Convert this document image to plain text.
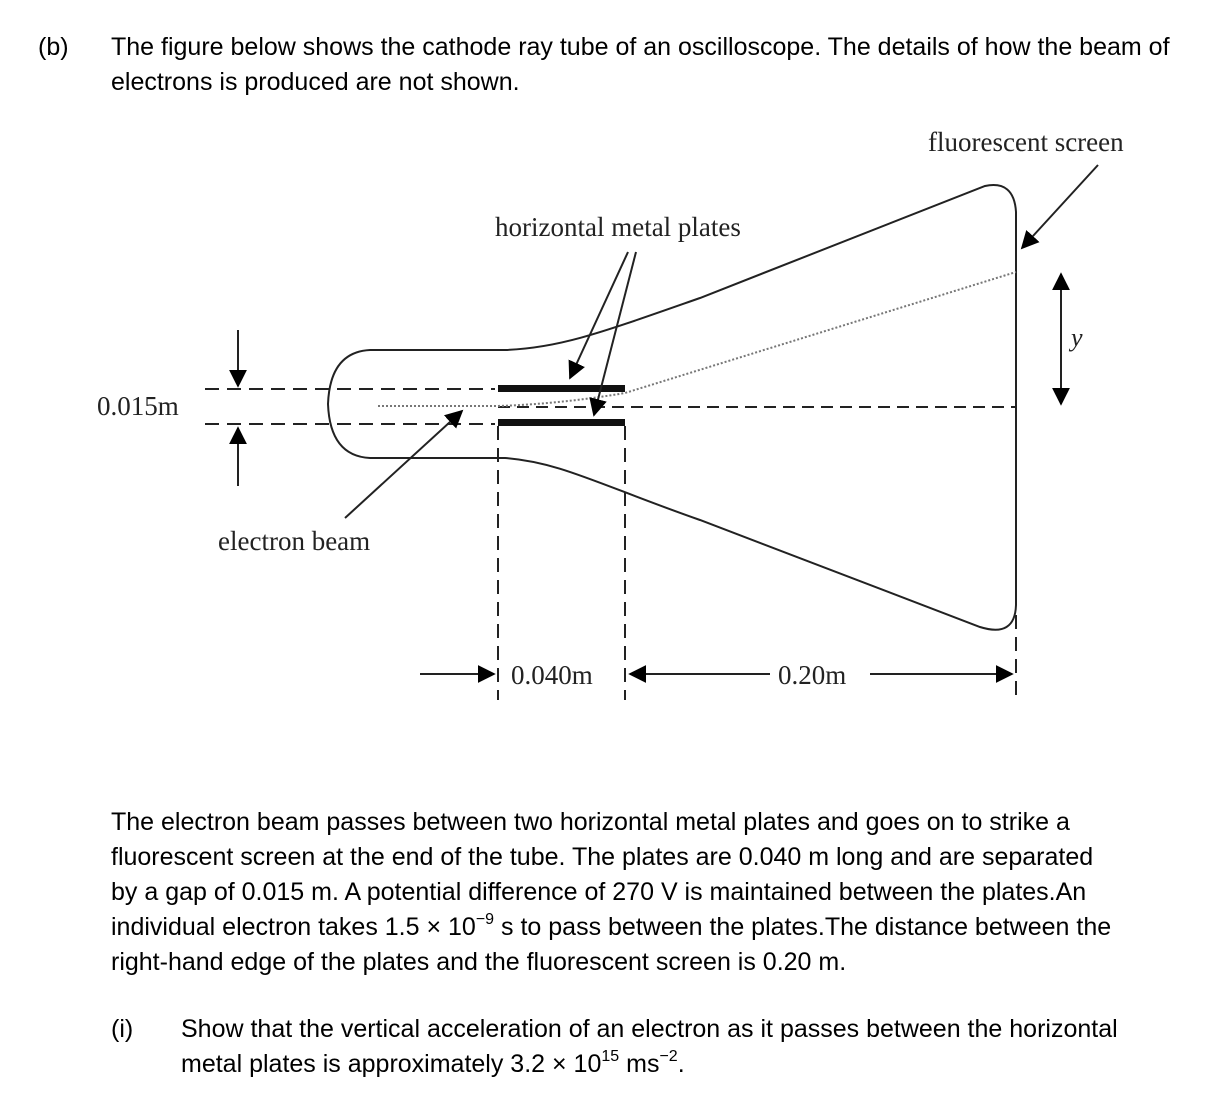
(b) The figure below shows the cathode ray tube of an oscilloscope. The details of how the beam of electrons is produced are not shown.
fluorescent screen
horizontal metal plates
0.015m
electron beam
0.040m	0.20m
y
The electron beam passes between two horizontal metal plates and goes on to strike a
fluorescent screen at the end of the tube. The plates are 0.040 m long and are separated
by a gap of 0.015 m. A potential difference of 270 V is maintained between the plates.An
individual electron takes $1.5 \times 10^{-9}$ s to pass between the plates.The distance between the
right-hand edge of the plates and the fluorescent screen is 0.20 m.
(i) Show that the vertical acceleration of an electron as it passes between the horizontal
metal plates is approximately $3.2 \times 10^{15}$ $ms^{-2}$.
